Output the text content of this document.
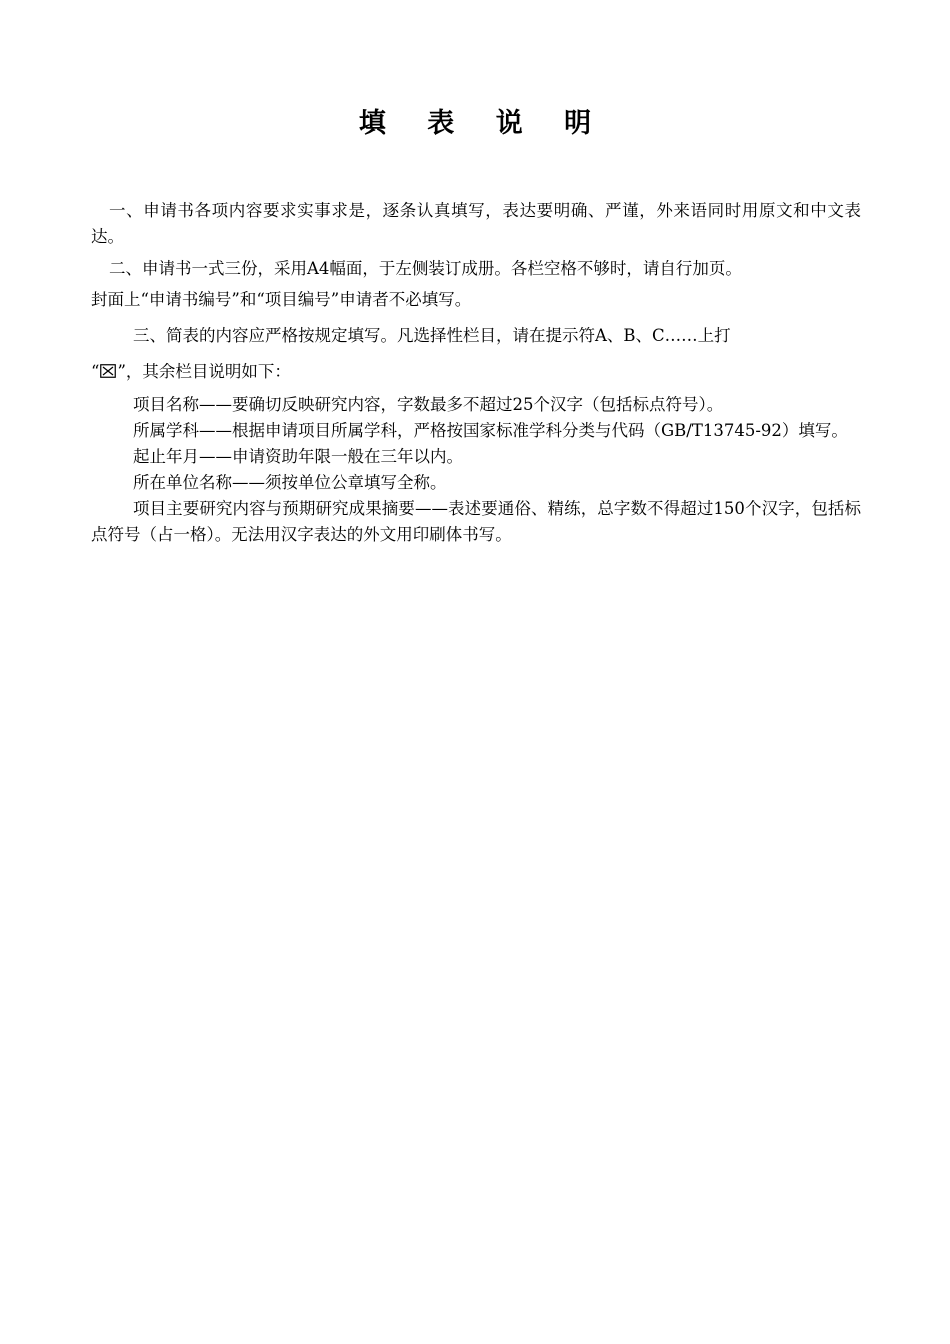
填 表 说 明

一、申请书各项内容要求实事求是，逐条认真填写，表达要明确、严谨，外来语同时用原文和中文表达。

二、申请书一式三份，采用A4幅面，于左侧装订成册。各栏空格不够时，请自行加页。

封面上“申请书编号”和“项目编号”申请者不必填写。

三、简表的内容应严格按规定填写。凡选择性栏目，请在提示符A、B、C……上打

“ ”，其余栏目说明如下：

项目名称——要确切反映研究内容，字数最多不超过25个汉字（包括标点符号）。

所属学科——根据申请项目所属学科，严格按国家标准学科分类与代码（GB/T13745-92）填写。

起止年月——申请资助年限一般在三年以内。

所在单位名称——须按单位公章填写全称。

项目主要研究内容与预期研究成果摘要——表述要通俗、精练，总字数不得超过150个汉字，包括标点符号（占一格）。无法用汉字表达的外文用印刷体书写。
